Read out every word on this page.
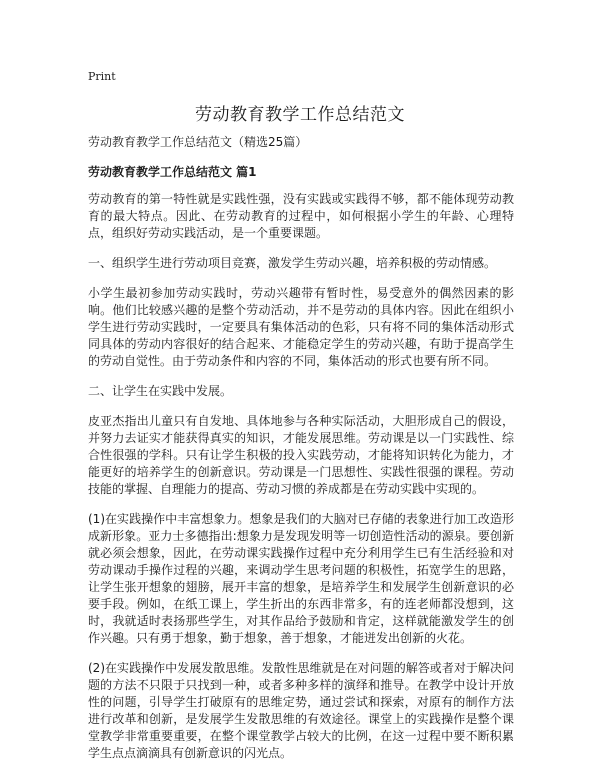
Print
劳动教育教学工作总结范文

劳动教育教学工作总结范文（精选25篇）

劳动教育教学工作总结范文 篇1

劳动教育的第一特性就是实践性强，没有实践或实践得不够，都不能体现劳动教育的最大特点。因此、在劳动教育的过程中，如何根据小学生的年龄、心理特点，组织好劳动实践活动，是一个重要课题。

一、组织学生进行劳动项目竞赛，激发学生劳动兴趣，培养积极的劳动情感。

小学生最初参加劳动实践时，劳动兴趣带有暂时性，易受意外的偶然因素的影响。他们比较感兴趣的是整个劳动活动，并不是劳动的具体内容。因此在组织小学生进行劳动实践时，一定要具有集体活动的色彩，只有将不同的集体活动形式同具体的劳动内容很好的结合起来、才能稳定学生的劳动兴趣，有助于提高学生的劳动自觉性。由于劳动条件和内容的不同，集体活动的形式也要有所不同。

二、让学生在实践中发展。

皮亚杰指出儿童只有自发地、具体地参与各种实际活动，大胆形成自己的假设，并努力去证实才能获得真实的知识，才能发展思维。劳动课是以一门实践性、综合性很强的学科。只有让学生积极的投入实践劳动，才能将知识转化为能力，才能更好的培养学生的创新意识。劳动课是一门思想性、实践性很强的课程。劳动技能的掌握、自理能力的提高、劳动习惯的养成都是在劳动实践中实现的。

(1)在实践操作中丰富想象力。想象是我们的大脑对已存储的表象进行加工改造形成新形象。亚力士多德指出:想象力是发现发明等一切创造性活动的源泉。要创新就必须会想象，因此，在劳动课实践操作过程中充分利用学生已有生活经验和对劳动课动手操作过程的兴趣，来调动学生思考问题的积极性，拓宽学生的思路，让学生张开想象的翅膀，展开丰富的想象，是培养学生和发展学生创新意识的必要手段。例如，在纸工课上，学生折出的东西非常多，有的连老师都没想到，这时，我就适时表扬那些学生，对其作品给予鼓励和肯定，这样就能激发学生的创作兴趣。只有勇于想象，勤于想象，善于想象，才能迸发出创新的火花。

(2)在实践操作中发展发散思维。发散性思维就是在对问题的解答或者对于解决问题的方法不只限于只找到一种，或者多种多样的演绎和推导。在教学中设计开放性的问题，引导学生打破原有的思维定势，通过尝试和探索，对原有的制作方法进行改革和创新，是发展学生发散思维的有效途径。课堂上的实践操作是整个课堂教学非常重要重要，在整个课堂教学占较大的比例，在这一过程中要不断积累学生点点滴滴具有创新意识的闪光点。
